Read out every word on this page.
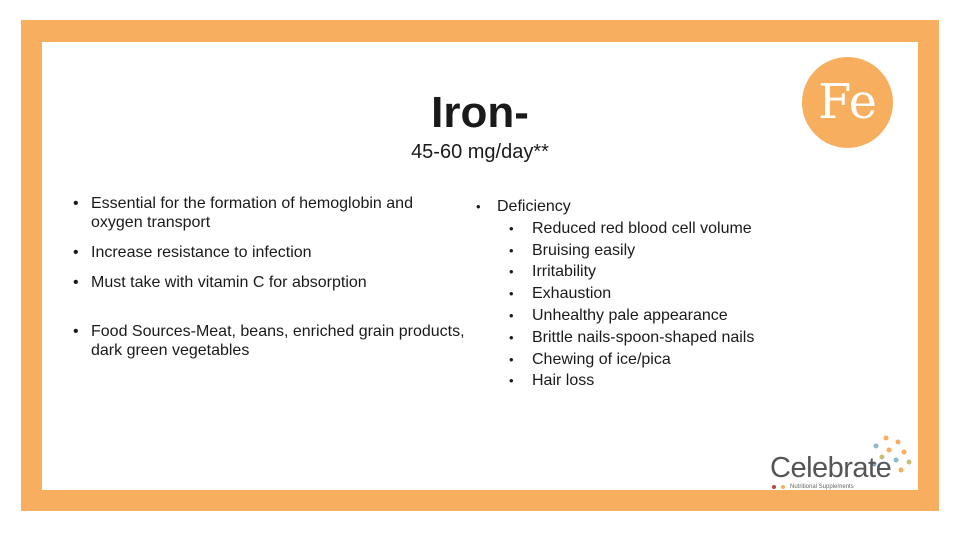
Iron-
45-60 mg/day**
Fe
• Essential for the formation of hemoglobin and oxygen transport
• Increase resistance to infection
• Must take with vitamin C for absorption
• Food Sources-Meat, beans, enriched grain products, dark green vegetables
• Deficiency
• Reduced red blood cell volume
• Bruising easily
• Irritability
• Exhaustion
• Unhealthy pale appearance
• Brittle nails-spoon-shaped nails
• Chewing of ice/pica
• Hair loss
Celebrate
Nutritional Supplements
